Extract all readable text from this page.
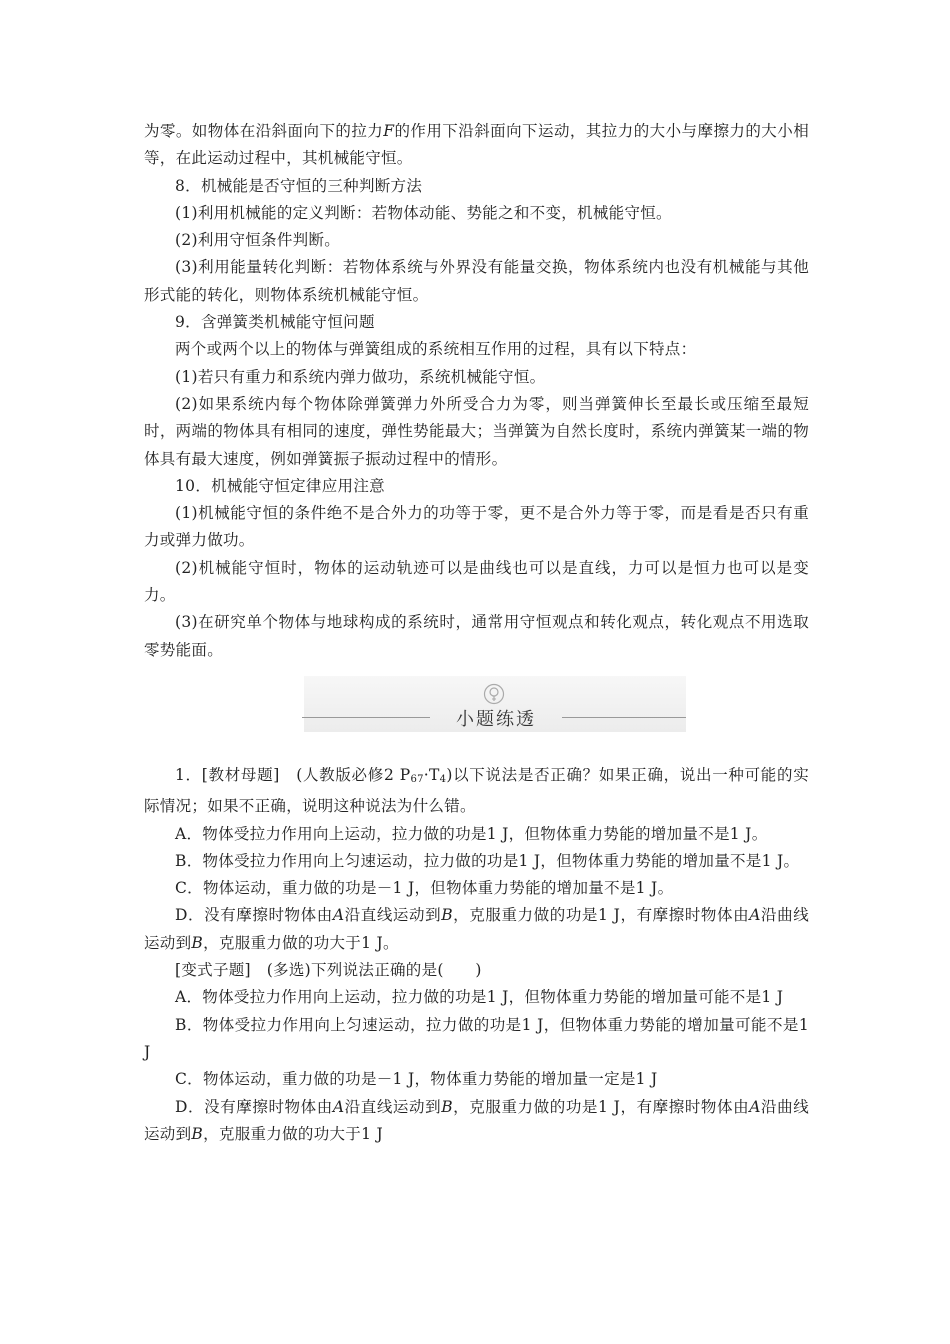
为零。如物体在沿斜面向下的拉力F的作用下沿斜面向下运动，其拉力的大小与摩擦力的大小相等，在此运动过程中，其机械能守恒。

8．机械能是否守恒的三种判断方法

(1)利用机械能的定义判断：若物体动能、势能之和不变，机械能守恒。

(2)利用守恒条件判断。

(3)利用能量转化判断：若物体系统与外界没有能量交换，物体系统内也没有机械能与其他形式能的转化，则物体系统机械能守恒。

9．含弹簧类机械能守恒问题

两个或两个以上的物体与弹簧组成的系统相互作用的过程，具有以下特点：

(1)若只有重力和系统内弹力做功，系统机械能守恒。

(2)如果系统内每个物体除弹簧弹力外所受合力为零，则当弹簧伸长至最长或压缩至最短时，两端的物体具有相同的速度，弹性势能最大；当弹簧为自然长度时，系统内弹簧某一端的物体具有最大速度，例如弹簧振子振动过程中的情形。

10．机械能守恒定律应用注意

(1)机械能守恒的条件绝不是合外力的功等于零，更不是合外力等于零，而是看是否只有重力或弹力做功。

(2)机械能守恒时，物体的运动轨迹可以是曲线也可以是直线，力可以是恒力也可以是变力。

(3)在研究单个物体与地球构成的系统时，通常用守恒观点和转化观点，转化观点不用选取零势能面。

小题练透

1．[教材母题]　(人教版必修2 $P_{67}\cdot T_4$)以下说法是否正确？如果正确，说出一种可能的实际情况；如果不正确，说明这种说法为什么错。

A．物体受拉力作用向上运动，拉力做的功是1 J，但物体重力势能的增加量不是1 J。

B．物体受拉力作用向上匀速运动，拉力做的功是1 J，但物体重力势能的增加量不是1 J。

C．物体运动，重力做的功是－1 J，但物体重力势能的增加量不是1 J。

D．没有摩擦时物体由A沿直线运动到B，克服重力做的功是1 J，有摩擦时物体由A沿曲线运动到B，克服重力做的功大于1 J。

[变式子题]　(多选)下列说法正确的是(　　)

A．物体受拉力作用向上运动，拉力做的功是1 J，但物体重力势能的增加量可能不是1 J

B．物体受拉力作用向上匀速运动，拉力做的功是1 J，但物体重力势能的增加量可能不是1 J

C．物体运动，重力做的功是－1 J，物体重力势能的增加量一定是1 J

D．没有摩擦时物体由A沿直线运动到B，克服重力做的功是1 J，有摩擦时物体由A沿曲线运动到B，克服重力做的功大于1 J
